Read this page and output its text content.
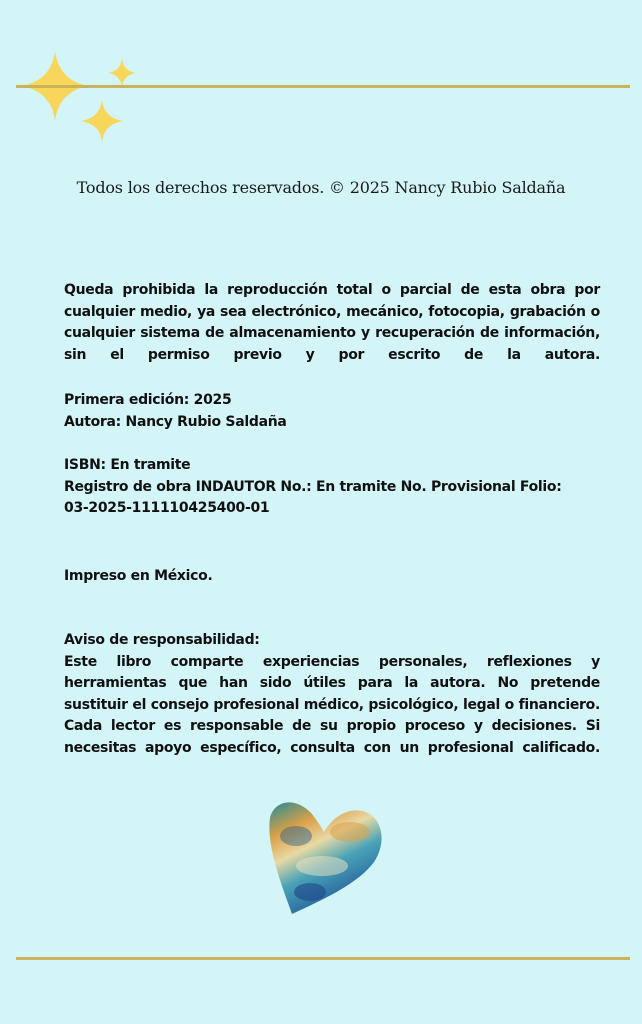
Todos los derechos reservados. © 2025 Nancy Rubio Saldaña
Queda prohibida la reproducción total o parcial de esta obra por cualquier medio, ya sea electrónico, mecánico, fotocopia, grabación o cualquier sistema de almacenamiento y recuperación de información, sin el permiso previo y por escrito de la autora.

Primera edición: 2025

Autora: Nancy Rubio Saldaña

ISBN: En tramite

Registro de obra INDAUTOR No.: En tramite No. Provisional Folio:

03-2025-111110425400-01

Impreso en México.

Aviso de responsabilidad:

Este libro comparte experiencias personales, reflexiones y herramientas que han sido útiles para la autora. No pretende sustituir el consejo profesional médico, psicológico, legal o financiero. Cada lector es responsable de su propio proceso y decisiones. Si necesitas apoyo específico, consulta con un profesional calificado.
